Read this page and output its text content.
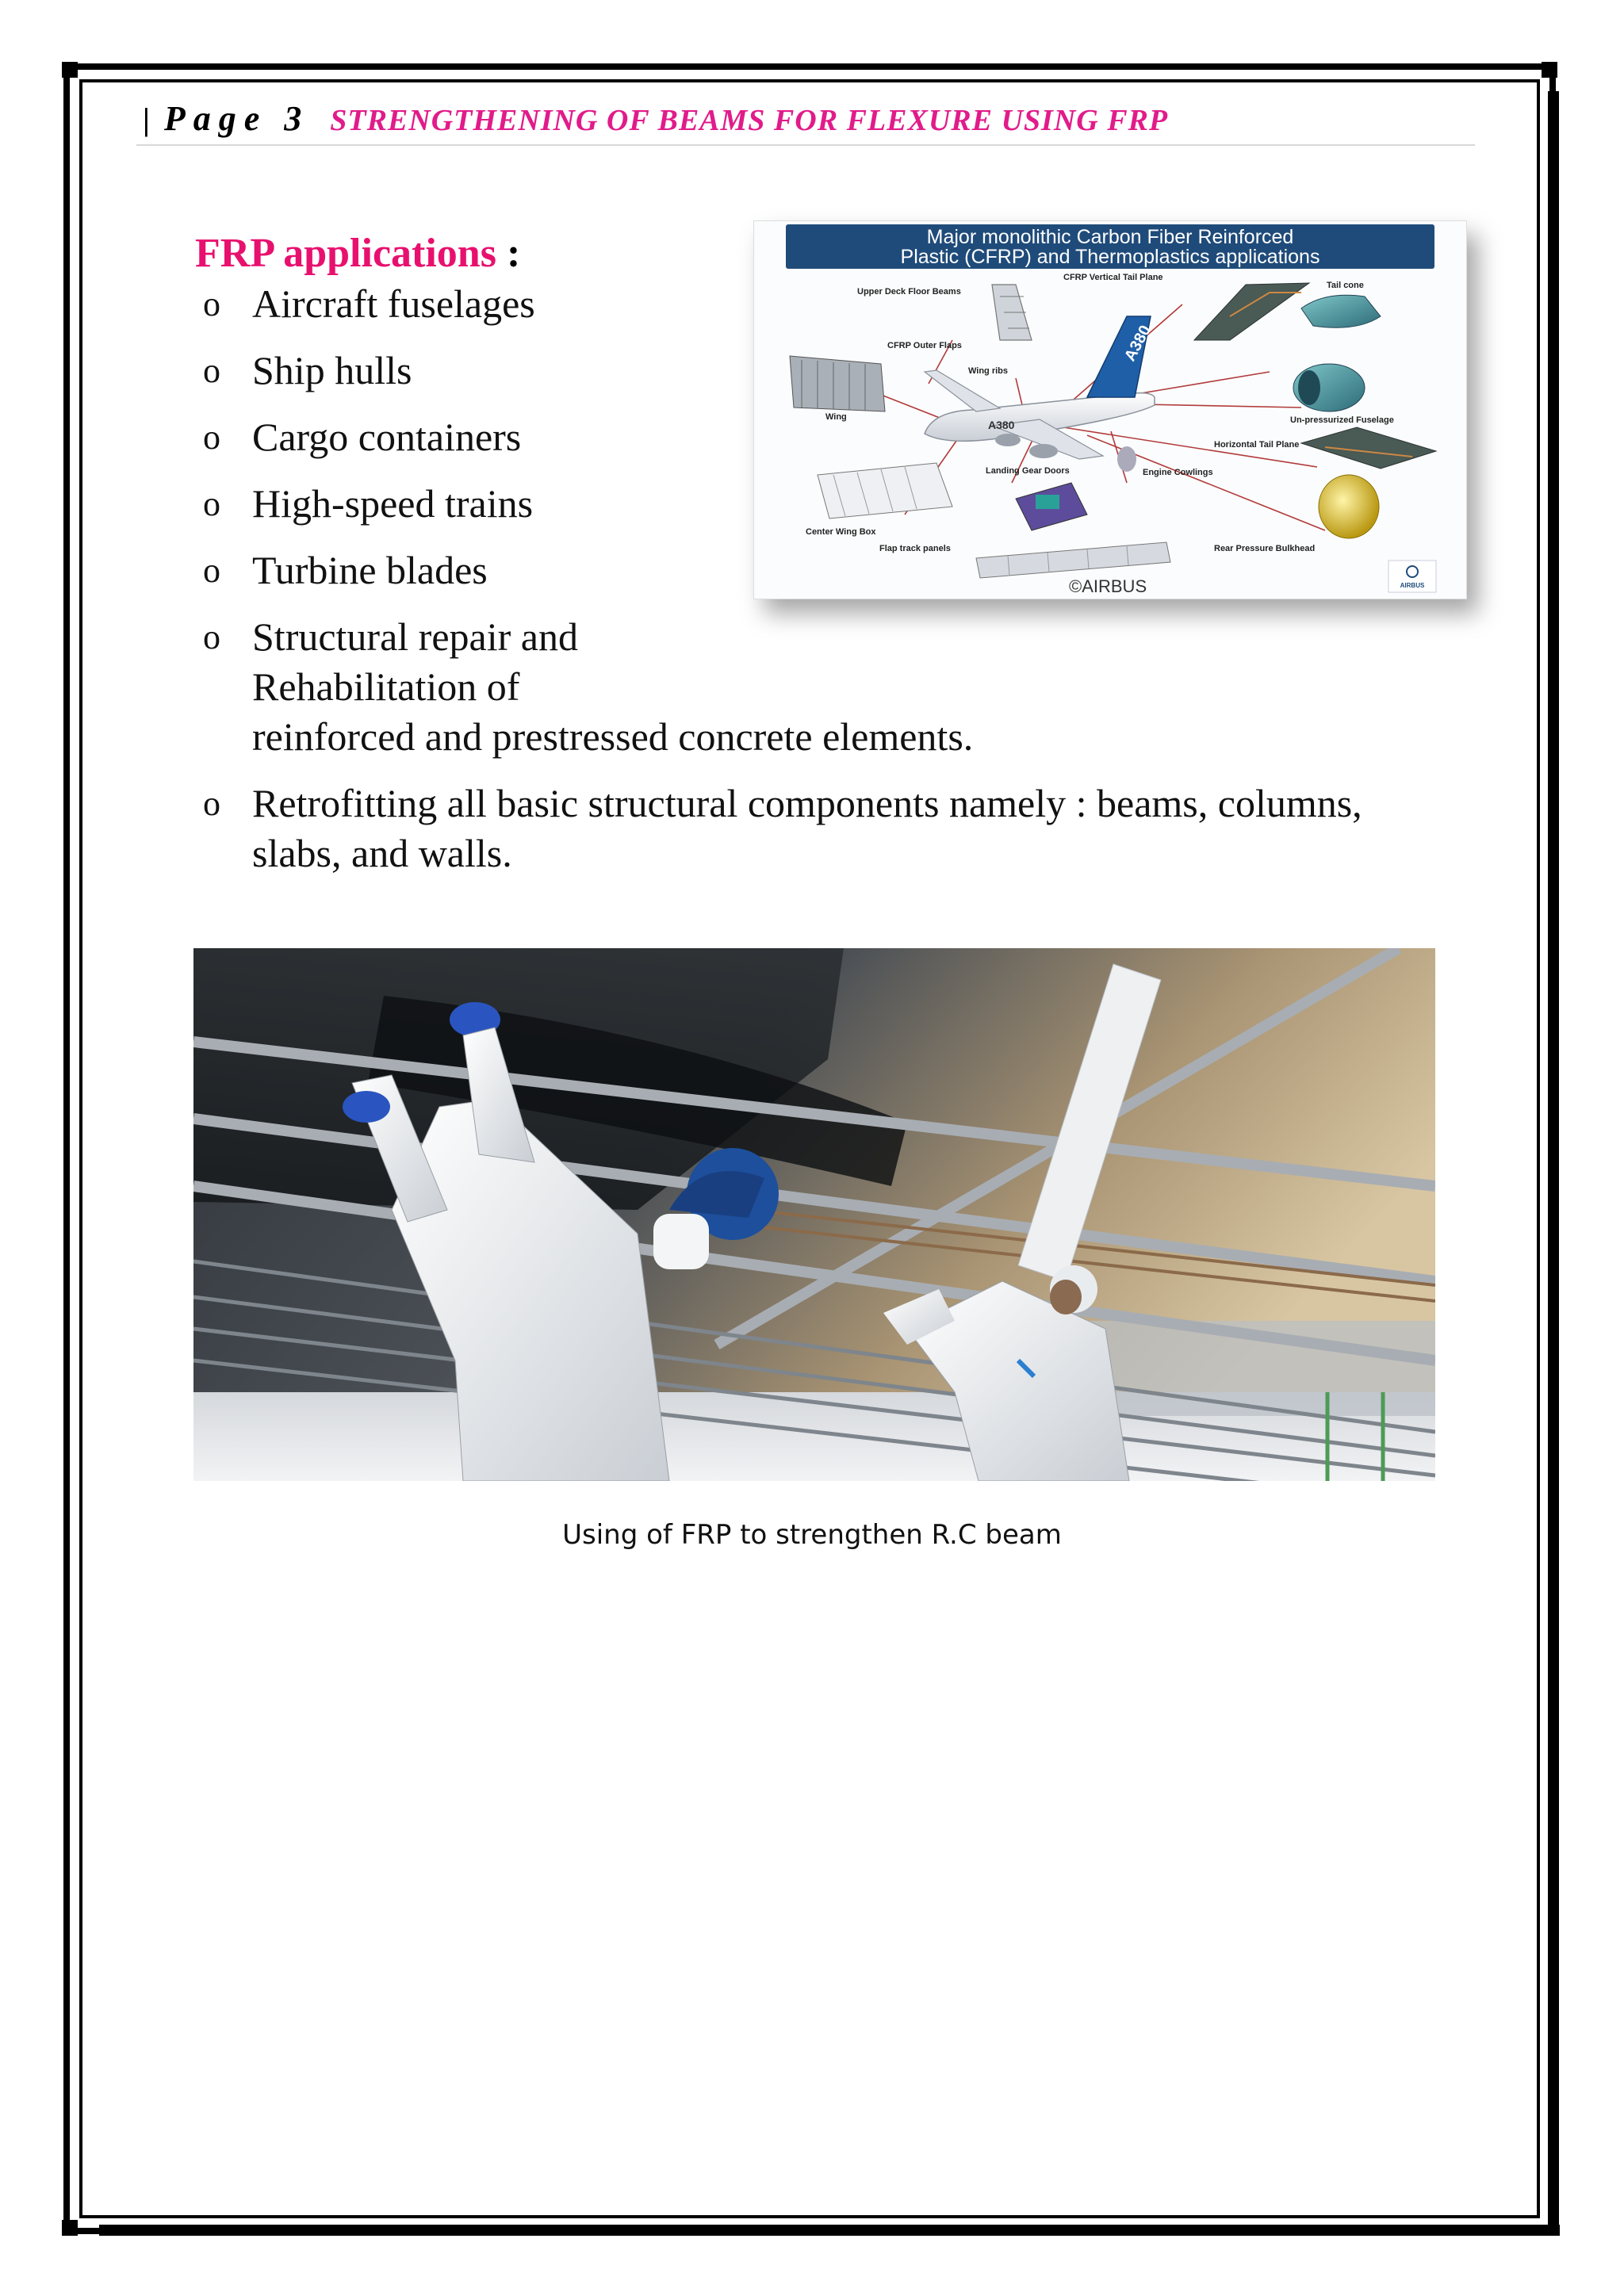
| Page 3 STRENGTHENING OF BEAMS FOR FLEXURE USING FRP
FRP applications :
o Aircraft fuselages
o Ship hulls
o Cargo containers
o High-speed trains
o Turbine blades
o Structural repair and
Rehabilitation of
reinforced and prestressed concrete elements.
o Retrofitting all basic structural components namely : beams, columns,
slabs, and walls.
Major monolithic Carbon Fiber Reinforced
Plastic (CFRP) and Thermoplastics applications
A380
A380
Upper Deck Floor Beams
CFRP Vertical Tail Plane
Tail cone
CFRP Outer Flaps
Wing ribs
Wing	Un-pressurized Fuselage
Horizontal Tail Plane
Landing Gear Doors	Engine Cowlings
Center Wing Box
Flap track panels	Rear Pressure Bulkhead
©AIRBUS	AIRBUS
Using of FRP to strengthen R.C beam
